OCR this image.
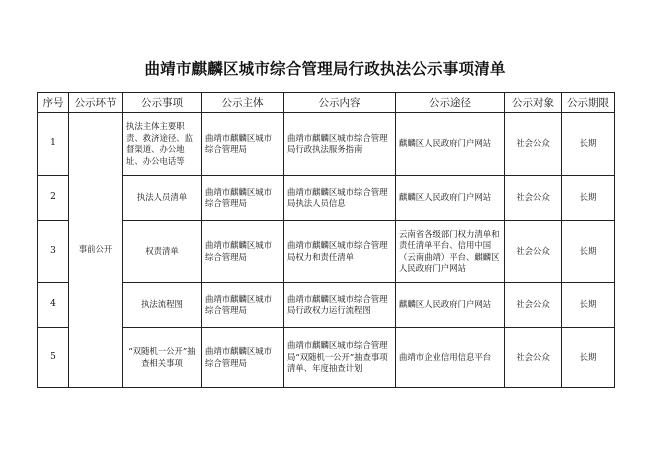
曲靖市麒麟区城市综合管理局行政执法公示事项清单
序号	公示环节	公示事项	公示主体	公示内容	公示途径	公示对象	公示期限
1	事前公开	执法主体主要职责、救济途径、监督渠道、办公地址、办公电话等	曲靖市麒麟区城市综合管理局	曲靖市麒麟区城市综合管理局行政执法服务指南	麒麟区人民政府门户网站	社会公众	长期
2		执法人员清单	曲靖市麒麟区城市综合管理局	曲靖市麒麟区城市综合管理局执法人员信息	麒麟区人民政府门户网站	社会公众	长期
3		权责清单	曲靖市麒麟区城市综合管理局	曲靖市麒麟区城市综合管理局权力和责任清单	云南省各级部门权力清单和责任清单平台、信用中国（云南曲靖）平台、麒麟区人民政府门户网站	社会公众	长期
4		执法流程图	曲靖市麒麟区城市综合管理局	曲靖市麒麟区城市综合管理局行政权力运行流程图	麒麟区人民政府门户网站	社会公众	长期
5		“双随机一公开”抽查相关事项	曲靖市麒麟区城市综合管理局	曲靖市麒麟区城市综合管理局“双随机一公开”抽查事项清单、年度抽查计划	曲靖市企业信用信息平台	社会公众	长期
